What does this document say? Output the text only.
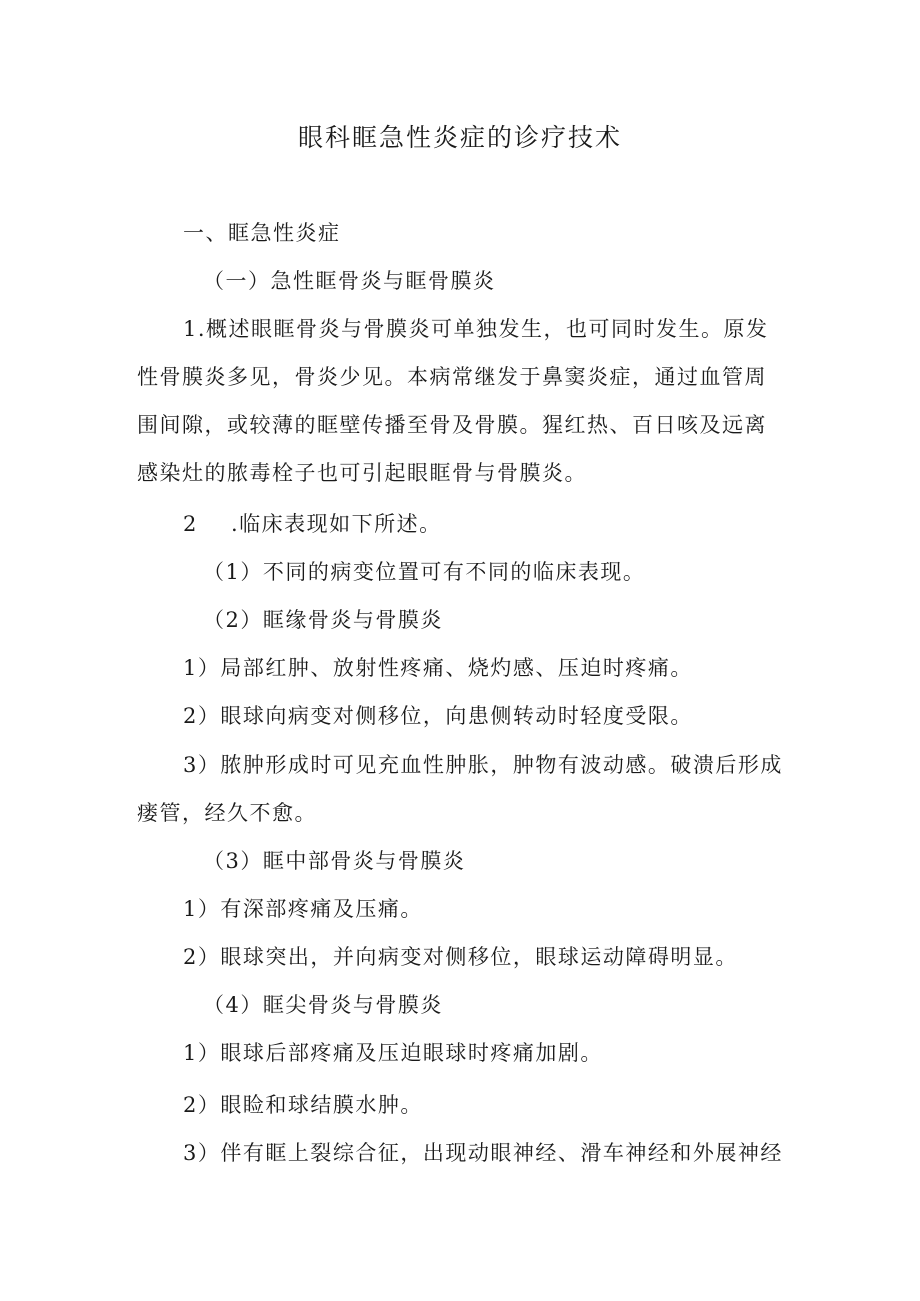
眼科眶急性炎症的诊疗技术
一、眶急性炎症
（一）急性眶骨炎与眶骨膜炎
1.概述眼眶骨炎与骨膜炎可单独发生，也可同时发生。原发
性骨膜炎多见，骨炎少见。本病常继发于鼻窦炎症，通过血管周
围间隙，或较薄的眶壁传播至骨及骨膜。猩红热、百日咳及远离
感染灶的脓毒栓子也可引起眼眶骨与骨膜炎。
2 .临床表现如下所述。
（1）不同的病变位置可有不同的临床表现。
（2）眶缘骨炎与骨膜炎
1）局部红肿、放射性疼痛、烧灼感、压迫时疼痛。
2）眼球向病变对侧移位，向患侧转动时轻度受限。
3）脓肿形成时可见充血性肿胀，肿物有波动感。破溃后形成
瘘管，经久不愈。
（3）眶中部骨炎与骨膜炎
1）有深部疼痛及压痛。
2）眼球突出，并向病变对侧移位，眼球运动障碍明显。
（4）眶尖骨炎与骨膜炎
1）眼球后部疼痛及压迫眼球时疼痛加剧。
2）眼睑和球结膜水肿。
3）伴有眶上裂综合征，出现动眼神经、滑车神经和外展神经
